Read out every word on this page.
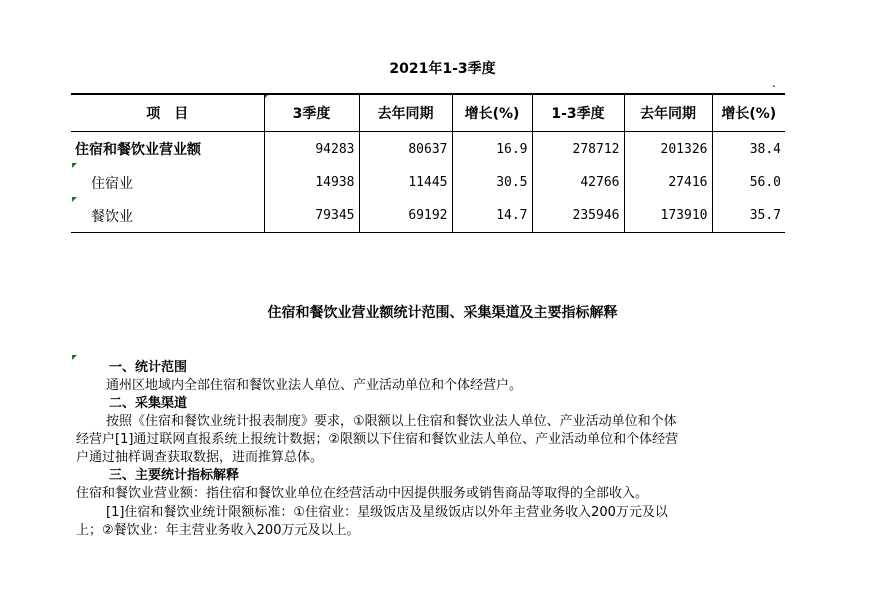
2021年1-3季度
.
项　目	3季度	去年同期	增长(%)	1-3季度	去年同期	增长(%)
住宿和餐饮业营业额	94283	80637	16.9	278712	201326	38.4
住宿业	14938	11445	30.5	42766	27416	56.0
餐饮业	79345	69192	14.7	235946	173910	35.7
住宿和餐饮业营业额统计范围、采集渠道及主要指标解释
一、统计范围
通州区地域内全部住宿和餐饮业法人单位、产业活动单位和个体经营户。
二、采集渠道
按照《住宿和餐饮业统计报表制度》要求，①限额以上住宿和餐饮业法人单位、产业活动单位和个体
经营户[1]通过联网直报系统上报统计数据；②限额以下住宿和餐饮业法人单位、产业活动单位和个体经营
户通过抽样调查获取数据，进而推算总体。
三、主要统计指标解释
住宿和餐饮业营业额：指住宿和餐饮业单位在经营活动中因提供服务或销售商品等取得的全部收入。
[1]住宿和餐饮业统计限额标准：①住宿业：星级饭店及星级饭店以外年主营业务收入200万元及以
上；②餐饮业：年主营业务收入200万元及以上。
